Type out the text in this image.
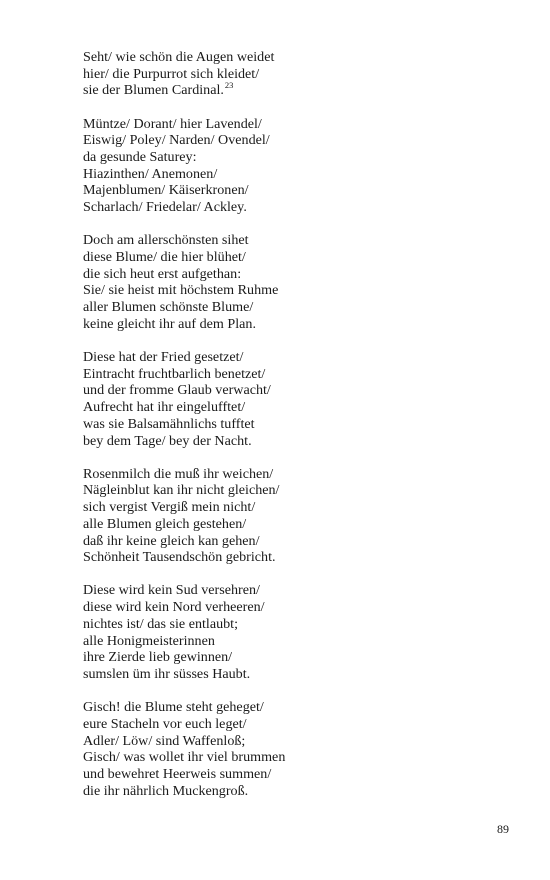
Seht/ wie schön die Augen weidet
hier/ die Purpurrot sich kleidet/
sie der Blumen Cardinal.$^{23}$
Müntze/ Dorant/ hier Lavendel/
Eiswig/ Poley/ Narden/ Ovendel/
da gesunde Saturey:
Hiazinthen/ Anemonen/
Majenblumen/ Käiserkronen/
Scharlach/ Friedelar/ Ackley.
Doch am allerschönsten sihet
diese Blume/ die hier blühet/
die sich heut erst aufgethan:
Sie/ sie heist mit höchstem Ruhme
aller Blumen schönste Blume/
keine gleicht ihr auf dem Plan.
Diese hat der Fried gesetzet/
Eintracht fruchtbarlich benetzet/
und der fromme Glaub verwacht/
Aufrecht hat ihr eingelufftet/
was sie Balsamähnlichs tufftet
bey dem Tage/ bey der Nacht.
Rosenmilch die muß ihr weichen/
Nägleinblut kan ihr nicht gleichen/
sich vergist Vergiß mein nicht/
alle Blumen gleich gestehen/
daß ihr keine gleich kan gehen/
Schönheit Tausendschön gebricht.
Diese wird kein Sud versehren/
diese wird kein Nord verheeren/
nichtes ist/ das sie entlaubt;
alle Honigmeisterinnen
ihre Zierde lieb gewinnen/
sumslen üm ihr süsses Haubt.
Gisch! die Blume steht geheget/
eure Stacheln vor euch leget/
Adler/ Löw/ sind Waffenloß;
Gisch/ was wollet ihr viel brummen
und bewehret Heerweis summen/
die ihr nährlich Muckengroß.
89
